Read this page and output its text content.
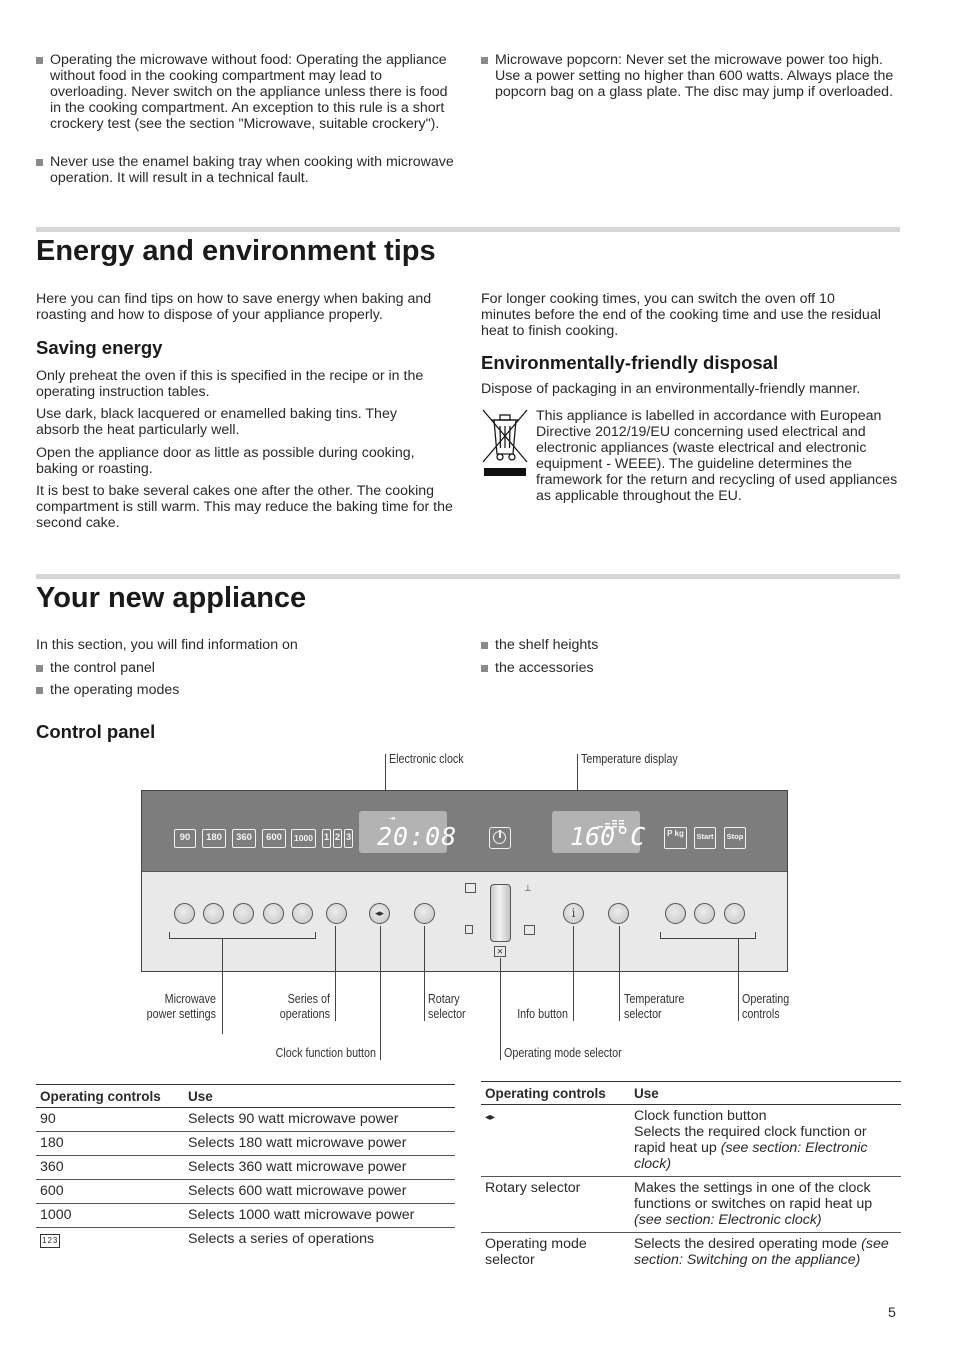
Operating the microwave without food: Operating the appliance without food in the cooking compartment may lead to overloading. Never switch on the appliance unless there is food in the cooking compartment. An exception to this rule is a short crockery test (see the section "Microwave, suitable crockery").
Never use the enamel baking tray when cooking with microwave operation. It will result in a technical fault.
Microwave popcorn: Never set the microwave power too high. Use a power setting no higher than 600 watts. Always place the popcorn bag on a glass plate. The disc may jump if overloaded.
Energy and environment tips

Here you can find tips on how to save energy when baking and roasting and how to dispose of your appliance properly.

Saving energy

Only preheat the oven if this is specified in the recipe or in the operating instruction tables.

Use dark, black lacquered or enamelled baking tins. They absorb the heat particularly well.

Open the appliance door as little as possible during cooking, baking or roasting.

It is best to bake several cakes one after the other. The cooking compartment is still warm. This may reduce the baking time for the second cake.

For longer cooking times, you can switch the oven off 10 minutes before the end of the cooking time and use the residual heat to finish cooking.

Environmentally-friendly disposal

Dispose of packaging in an environmentally-friendly manner.

This appliance is labelled in accordance with European Directive 2012/19/EU concerning used electrical and electronic appliances (waste electrical and electronic equipment - WEEE). The guideline determines the framework for the return and recycling of used appliances as applicable throughout the EU.

Your new appliance

In this section, you will find information on

the control panel
the operating modes
the shelf heights
the accessories
Control panel
Electronic clock	Temperature display
90	180	360	600	1000	1 2 3
⇥
20:08	160°C	P kg	Start	Stop
◂▸
⊥
⨯
i
Microwave power settings
Series of operations
Clock function button
Rotary selector	Info button
Operating mode selector
Temperature selector
Operating controls
Operating controls	Use
90	Selects 90 watt microwave power
180	Selects 180 watt microwave power
360	Selects 360 watt microwave power
600	Selects 600 watt microwave power
1000	Selects 1000 watt microwave power
123	Selects a series of operations
Operating controls	Use
◂▸	Clock function button
Selects the required clock function or rapid heat up (see section: Electronic clock)
Rotary selector	Makes the settings in one of the clock functions or switches on rapid heat up (see section: Electronic clock)
Operating mode selector	Selects the desired operating mode (see section: Switching on the appliance)
5
